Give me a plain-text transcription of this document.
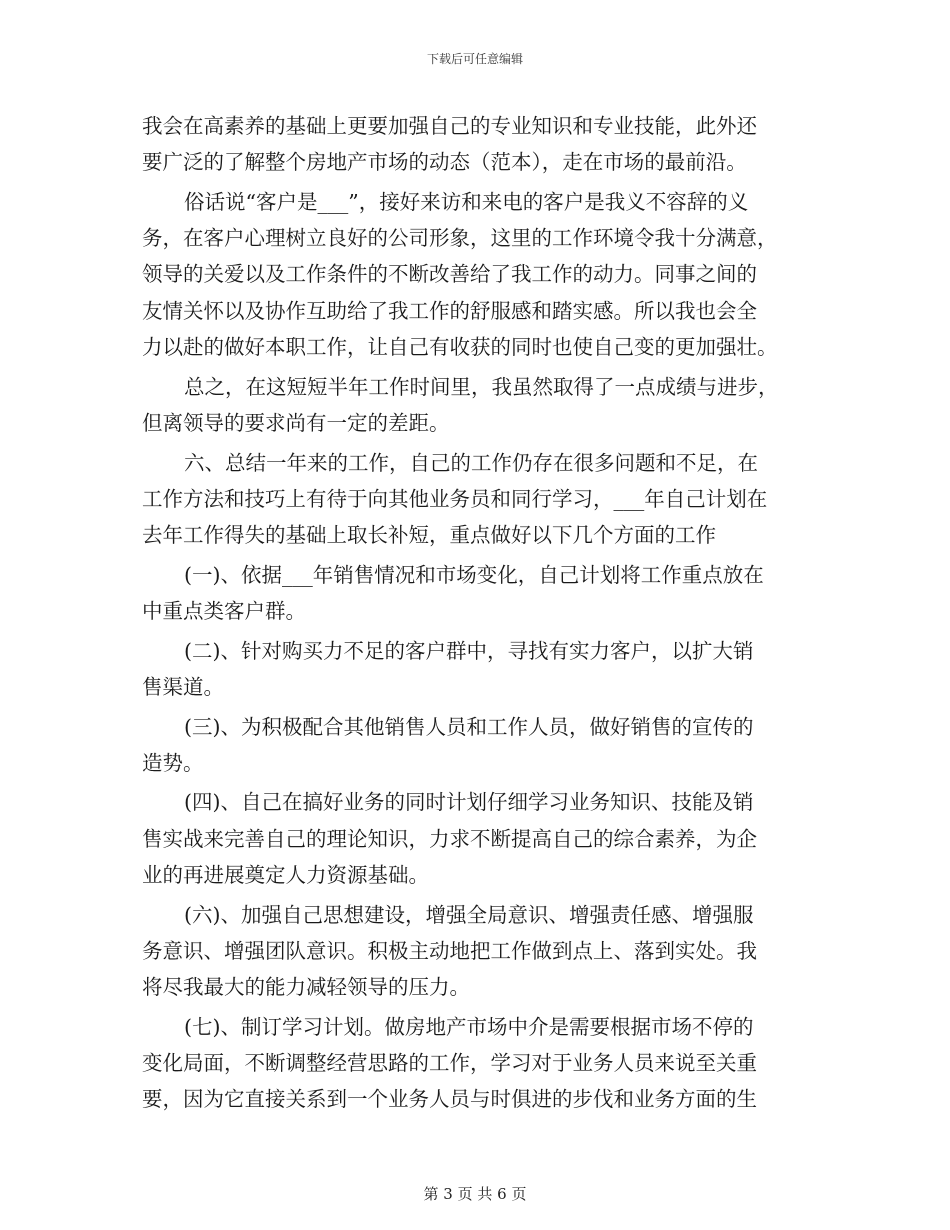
下载后可任意编辑
我会在高素养的基础上更要加强自己的专业知识和专业技能，此外还
要广泛的了解整个房地产市场的动态（范本），走在市场的最前沿。
俗话说“客户是___”，接好来访和来电的客户是我义不容辞的义
务，在客户心理树立良好的公司形象，这里的工作环境令我十分满意，
领导的关爱以及工作条件的不断改善给了我工作的动力。同事之间的
友情关怀以及协作互助给了我工作的舒服感和踏实感。所以我也会全
力以赴的做好本职工作，让自己有收获的同时也使自己变的更加强壮。
总之，在这短短半年工作时间里，我虽然取得了一点成绩与进步，
但离领导的要求尚有一定的差距。
六、总结一年来的工作，自己的工作仍存在很多问题和不足，在
工作方法和技巧上有待于向其他业务员和同行学习，___年自己计划在
去年工作得失的基础上取长补短，重点做好以下几个方面的工作
(一)、依据___年销售情况和市场变化，自己计划将工作重点放在
中重点类客户群。
(二)、针对购买力不足的客户群中，寻找有实力客户，以扩大销
售渠道。
(三)、为积极配合其他销售人员和工作人员，做好销售的宣传的
造势。
(四)、自己在搞好业务的同时计划仔细学习业务知识、技能及销
售实战来完善自己的理论知识，力求不断提高自己的综合素养，为企
业的再进展奠定人力资源基础。
(六)、加强自己思想建设，增强全局意识、增强责任感、增强服
务意识、增强团队意识。积极主动地把工作做到点上、落到实处。我
将尽我最大的能力减轻领导的压力。
(七)、制订学习计划。做房地产市场中介是需要根据市场不停的
变化局面，不断调整经营思路的工作，学习对于业务人员来说至关重
要，因为它直接关系到一个业务人员与时俱进的步伐和业务方面的生
第 3 页 共 6 页
